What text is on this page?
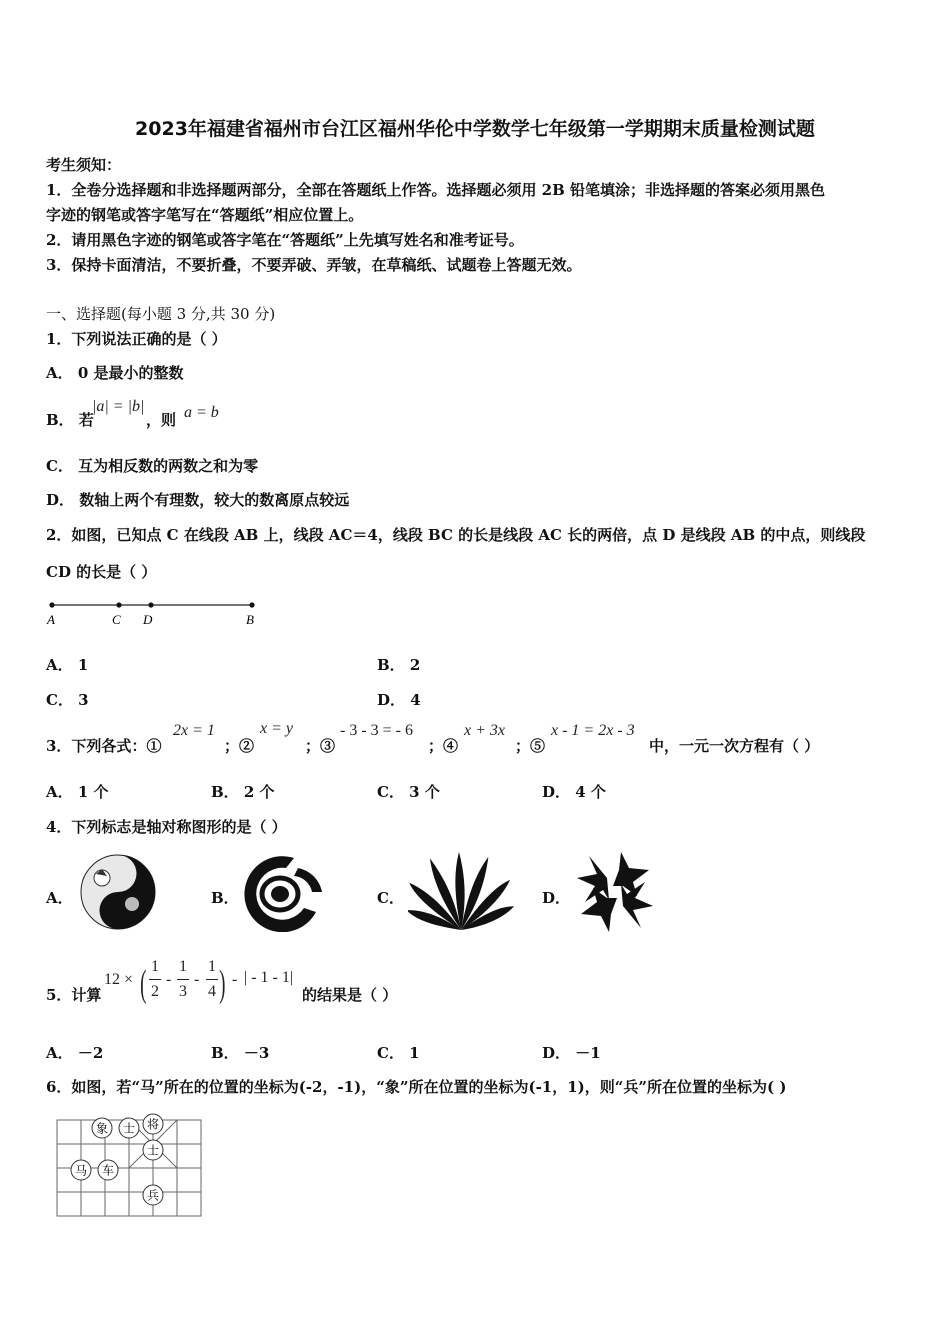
2023年福建省福州市台江区福州华伦中学数学七年级第一学期期末质量检测试题
考生须知：
1．全卷分选择题和非选择题两部分，全部在答题纸上作答。选择题必须用 2B 铅笔填涂；非选择题的答案必须用黑色
字迹的钢笔或答字笔写在“答题纸”相应位置上。
2．请用黑色字迹的钢笔或答字笔在“答题纸”上先填写姓名和准考证号。
3．保持卡面清洁，不要折叠，不要弄破、弄皱，在草稿纸、试题卷上答题无效。
一、选择题(每小题 3 分,共 30 分)
1．下列说法正确的是（ ）
A． 0 是最小的整数
B． 若
|a| = |b|
，则 a = b
C． 互为相反数的两数之和为零
D． 数轴上两个有理数，较大的数离原点较远
2．如图，已知点 C 在线段 AB 上，线段 AC＝4，线段 BC 的长是线段 AC 长的两倍，点 D 是线段 AB 的中点，则线段
CD 的长是（ ）
A	C D	B
A． 1	B． 2
C． 3	D． 4
3．下列各式：①
2x = 1
；②
x = y
；③
- 3 - 3 = - 6
；④
x + 3x
；⑤
x - 1 = 2x - 3
中，一元一次方程有（ ）
A． 1 个	B． 2 个	C． 3 个	D． 4 个
4．下列标志是轴对称图形的是（ ）
A．	B．	C．	D．
5．计算
12 × ( 1
2
-
1
3
-
1
4 ) - | - 1 - 1|
的结果是（ ）
A． －2	B． －3	C． 1	D． －1
6．如图，若“马”所在的位置的坐标为(-2，-1)，“象”所在位置的坐标为(-1，1)，则“兵”所在位置的坐标为( )
象 士 将
士
马 车
兵
